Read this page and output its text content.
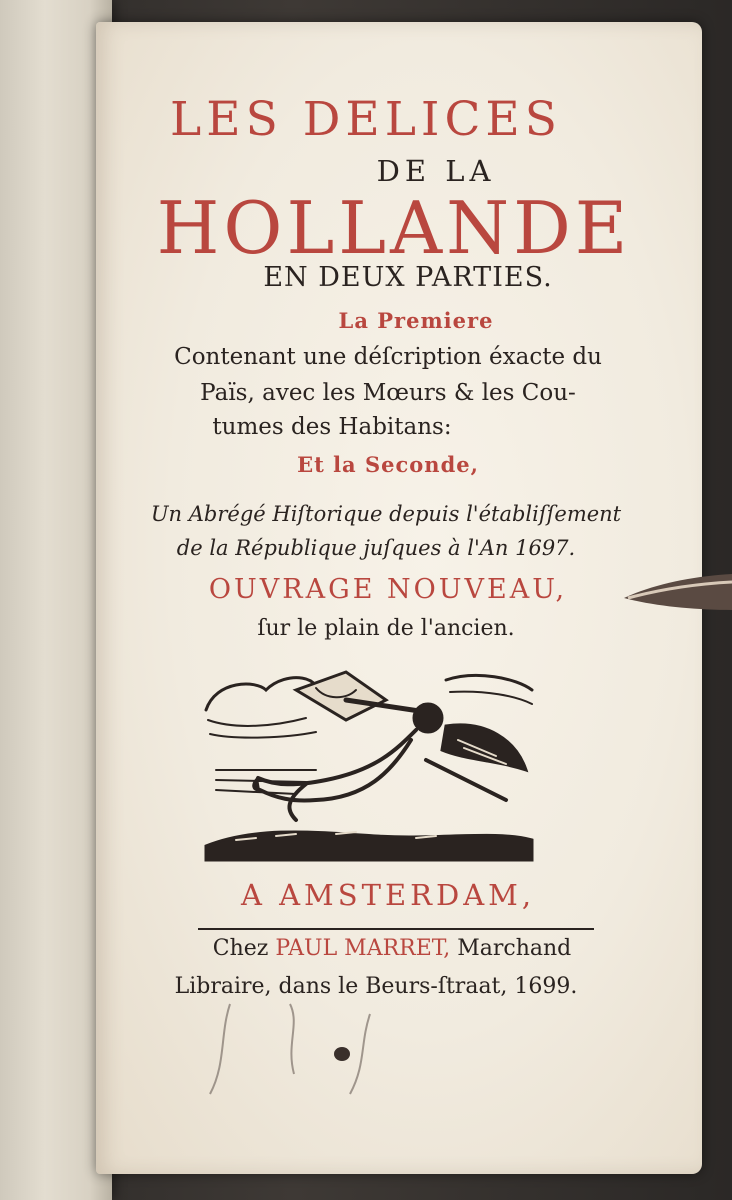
LES DELICES
DE LA
HOLLANDE
EN DEUX PARTIES.
La Premiere
Contenant une déſcription éxacte du
Païs, avec les Mœurs & les Cou-
tumes des Habitans:
Et la Seconde,
Un Abrégé Hiſtorique depuis l'établiſſement
de la République juſques à l'An 1697.
OUVRAGE NOUVEAU,
ſur le plain de l'ancien.
A AMSTERDAM,
Chez PAUL MARRET, Marchand
Libraire, dans le Beurs-ſtraat, 1699.
